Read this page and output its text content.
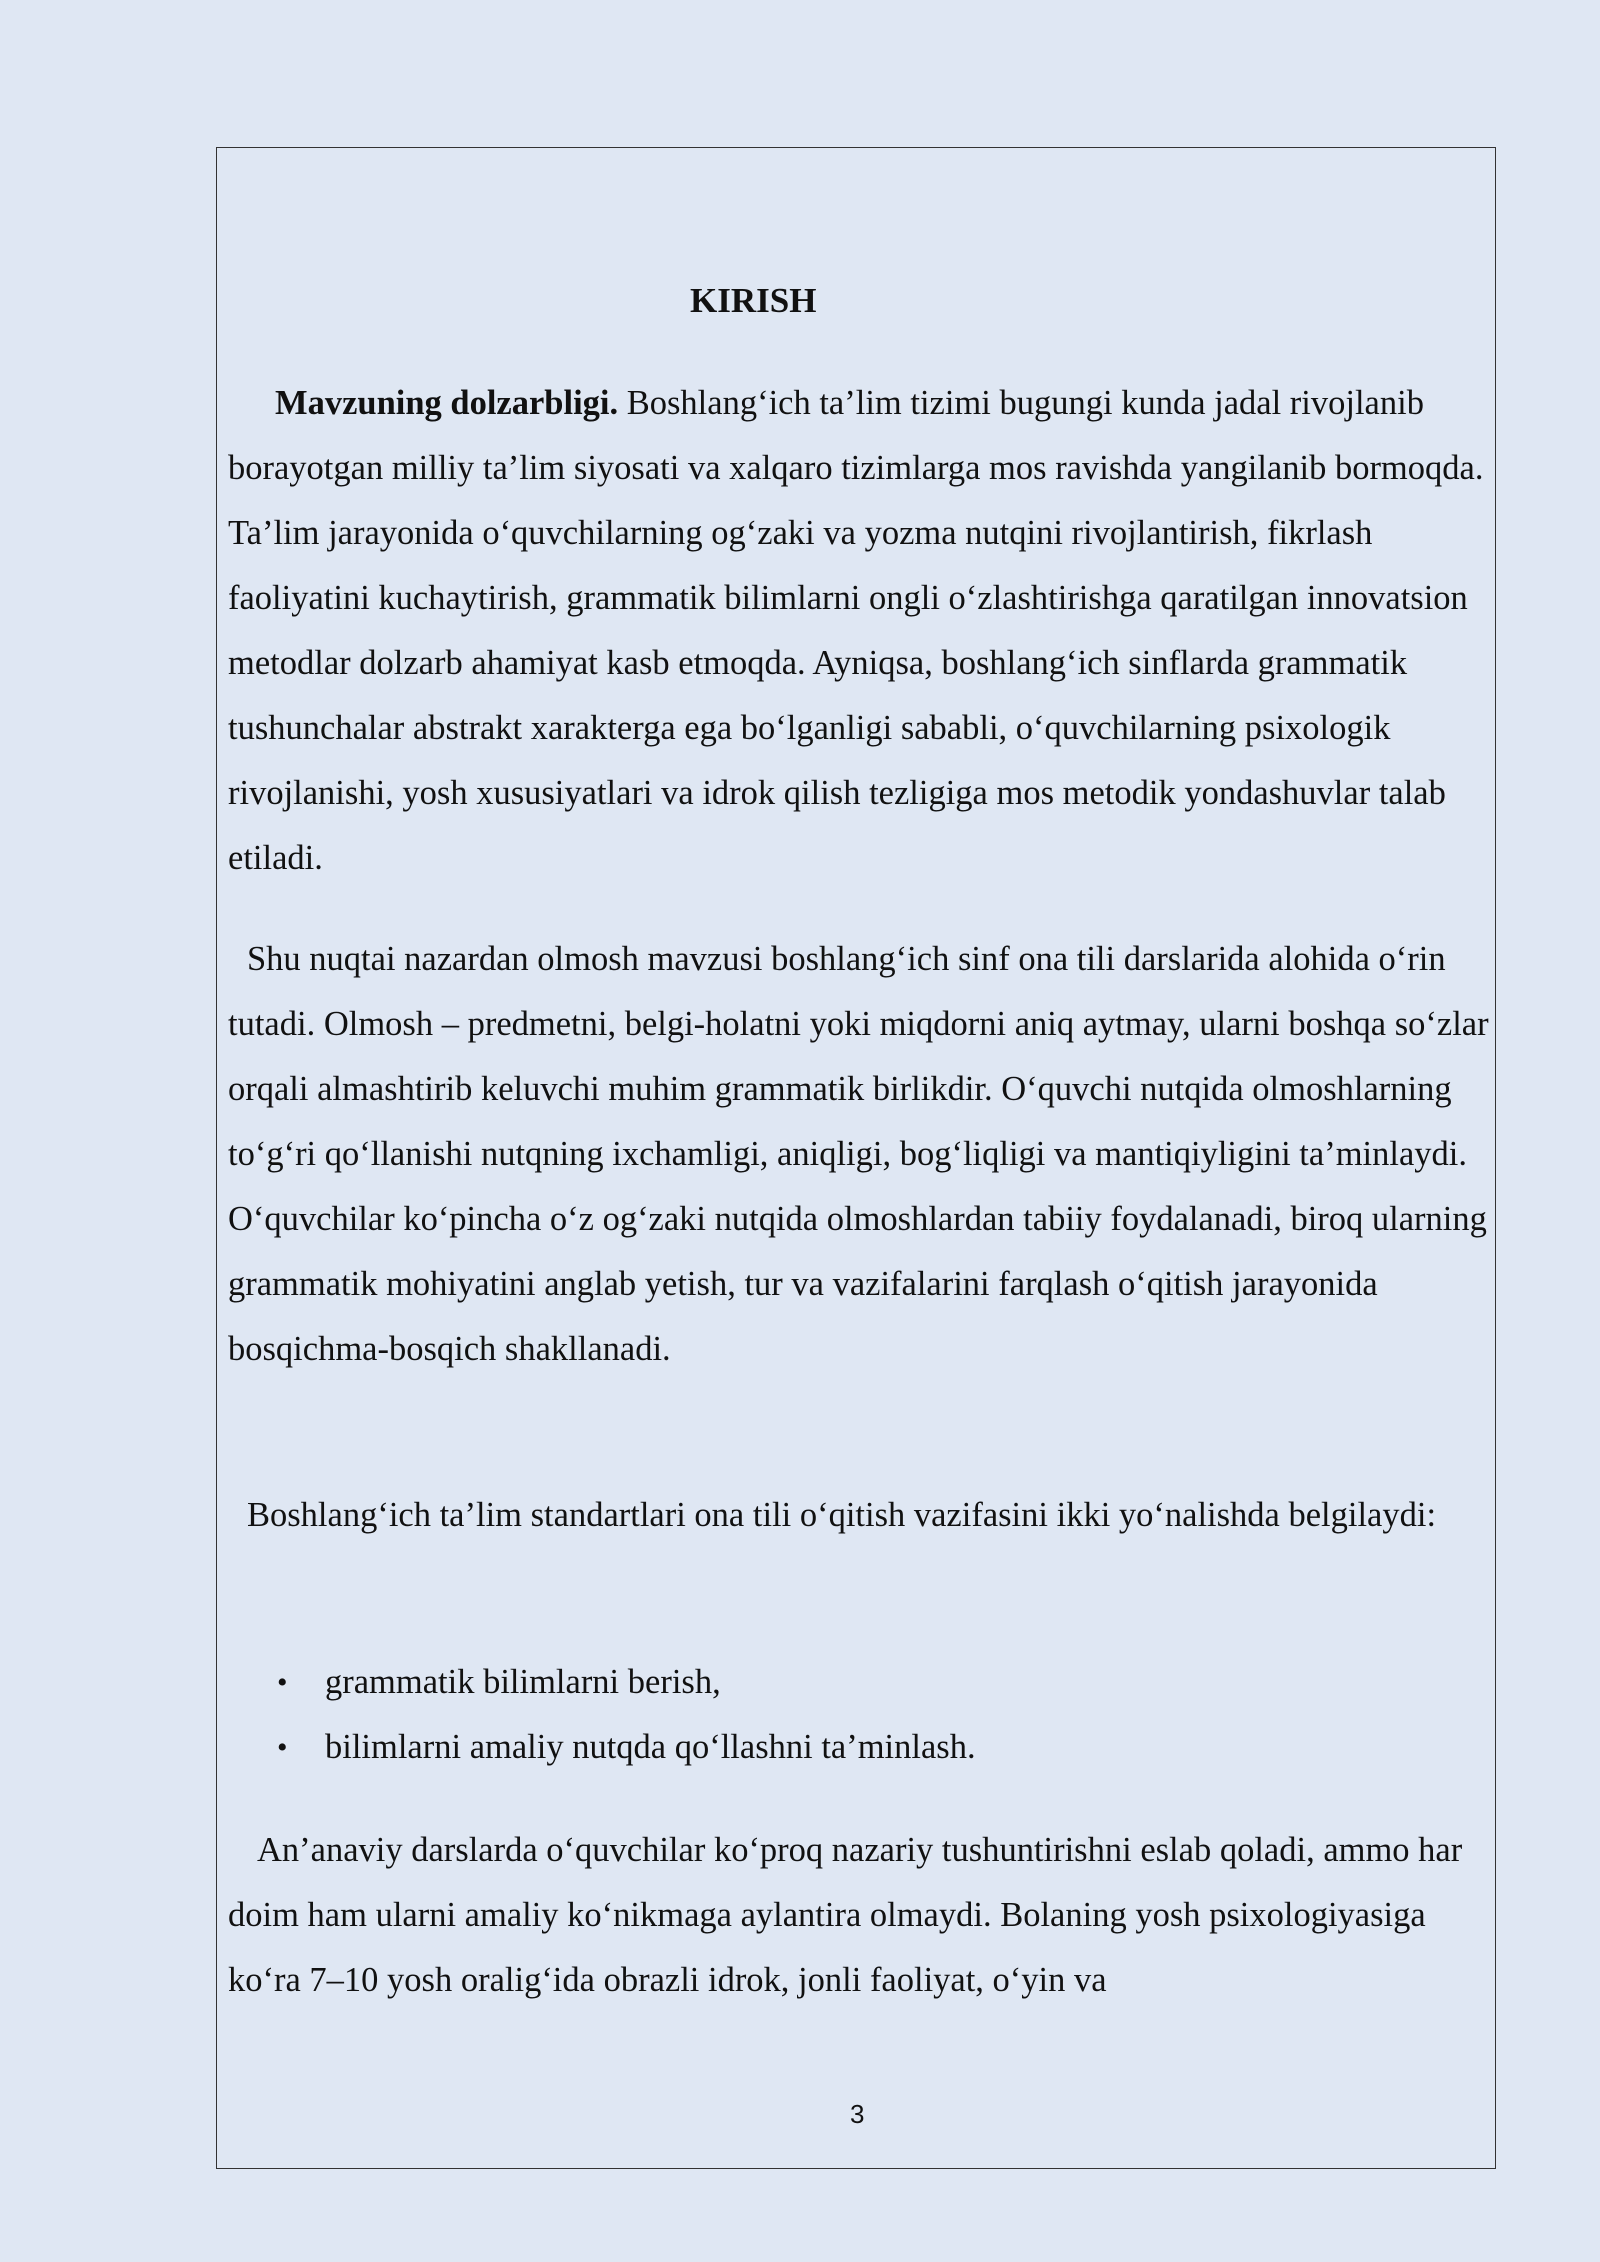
KIRISH

Mavzuning dolzarbligi. Boshlang‘ich ta’lim tizimi bugungi kunda jadal rivojlanib borayotgan milliy ta’lim siyosati va xalqaro tizimlarga mos ravishda yangilanib bormoqda. Ta’lim jarayonida o‘quvchilarning og‘zaki va yozma nutqini rivojlantirish, fikrlash faoliyatini kuchaytirish, grammatik bilimlarni ongli o‘zlashtirishga qaratilgan innovatsion metodlar dolzarb ahamiyat kasb etmoqda. Ayniqsa, boshlang‘ich sinflarda grammatik tushunchalar abstrakt xarakterga ega bo‘lganligi sababli, o‘quvchilarning psixologik rivojlanishi, yosh xususiyatlari va idrok qilish tezligiga mos metodik yondashuvlar talab etiladi.

Shu nuqtai nazardan olmosh mavzusi boshlang‘ich sinf ona tili darslarida alohida o‘rin tutadi. Olmosh – predmetni, belgi-holatni yoki miqdorni aniq aytmay, ularni boshqa so‘zlar orqali almashtirib keluvchi muhim grammatik birlikdir. O‘quvchi nutqida olmoshlarning to‘g‘ri qo‘llanishi nutqning ixchamligi, aniqligi, bog‘liqligi va mantiqiyligini ta’minlaydi. O‘quvchilar ko‘pincha o‘z og‘zaki nutqida olmoshlardan tabiiy foydalanadi, biroq ularning grammatik mohiyatini anglab yetish, tur va vazifalarini farqlash o‘qitish jarayonida bosqichma-bosqich shakllanadi.

Boshlang‘ich ta’lim standartlari ona tili o‘qitish vazifasini ikki yo‘nalishda belgilaydi:

• grammatik bilimlarni berish,
• bilimlarni amaliy nutqda qo‘llashni ta’minlash.

An’anaviy darslarda o‘quvchilar ko‘proq nazariy tushuntirishni eslab qoladi, ammo har doim ham ularni amaliy ko‘nikmaga aylantira olmaydi. Bolaning yosh psixologiyasiga ko‘ra 7–10 yosh oralig‘ida obrazli idrok, jonli faoliyat, o‘yin va

3
